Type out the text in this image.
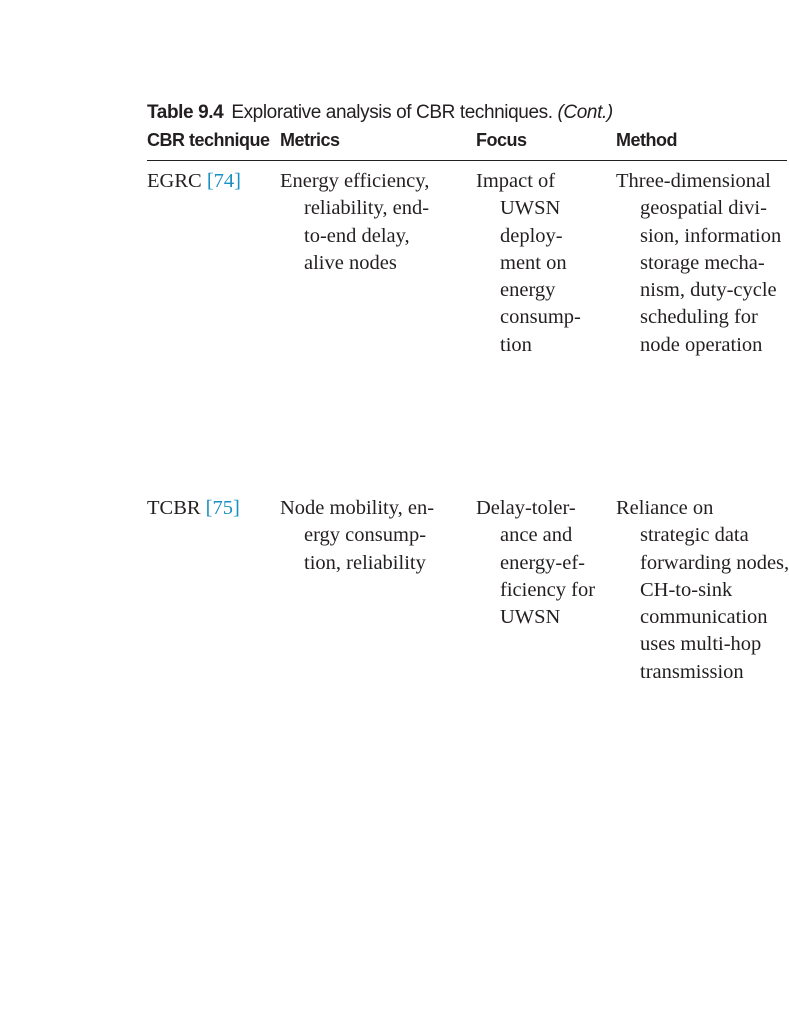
Table 9.4 Explorative analysis of CBR techniques. (Cont.)
CBR technique Metrics	Focus	Method
EGRC [74] Energy efficiency,
reliability, end-
to-end delay,
alive nodes
Impact of
UWSN
deploy-
ment on
energy
consump-
tion
Three-dimensional
geospatial divi-
sion, information
storage mecha-
nism, duty-cycle
scheduling for
node operation
TCBR [75] Node mobility, en-
ergy consump-
tion, reliability
Delay-toler-
ance and
energy-ef-
ficiency for
UWSN
Reliance on
strategic data
forwarding nodes,
CH-to-sink
communication
uses multi-hop
transmission
